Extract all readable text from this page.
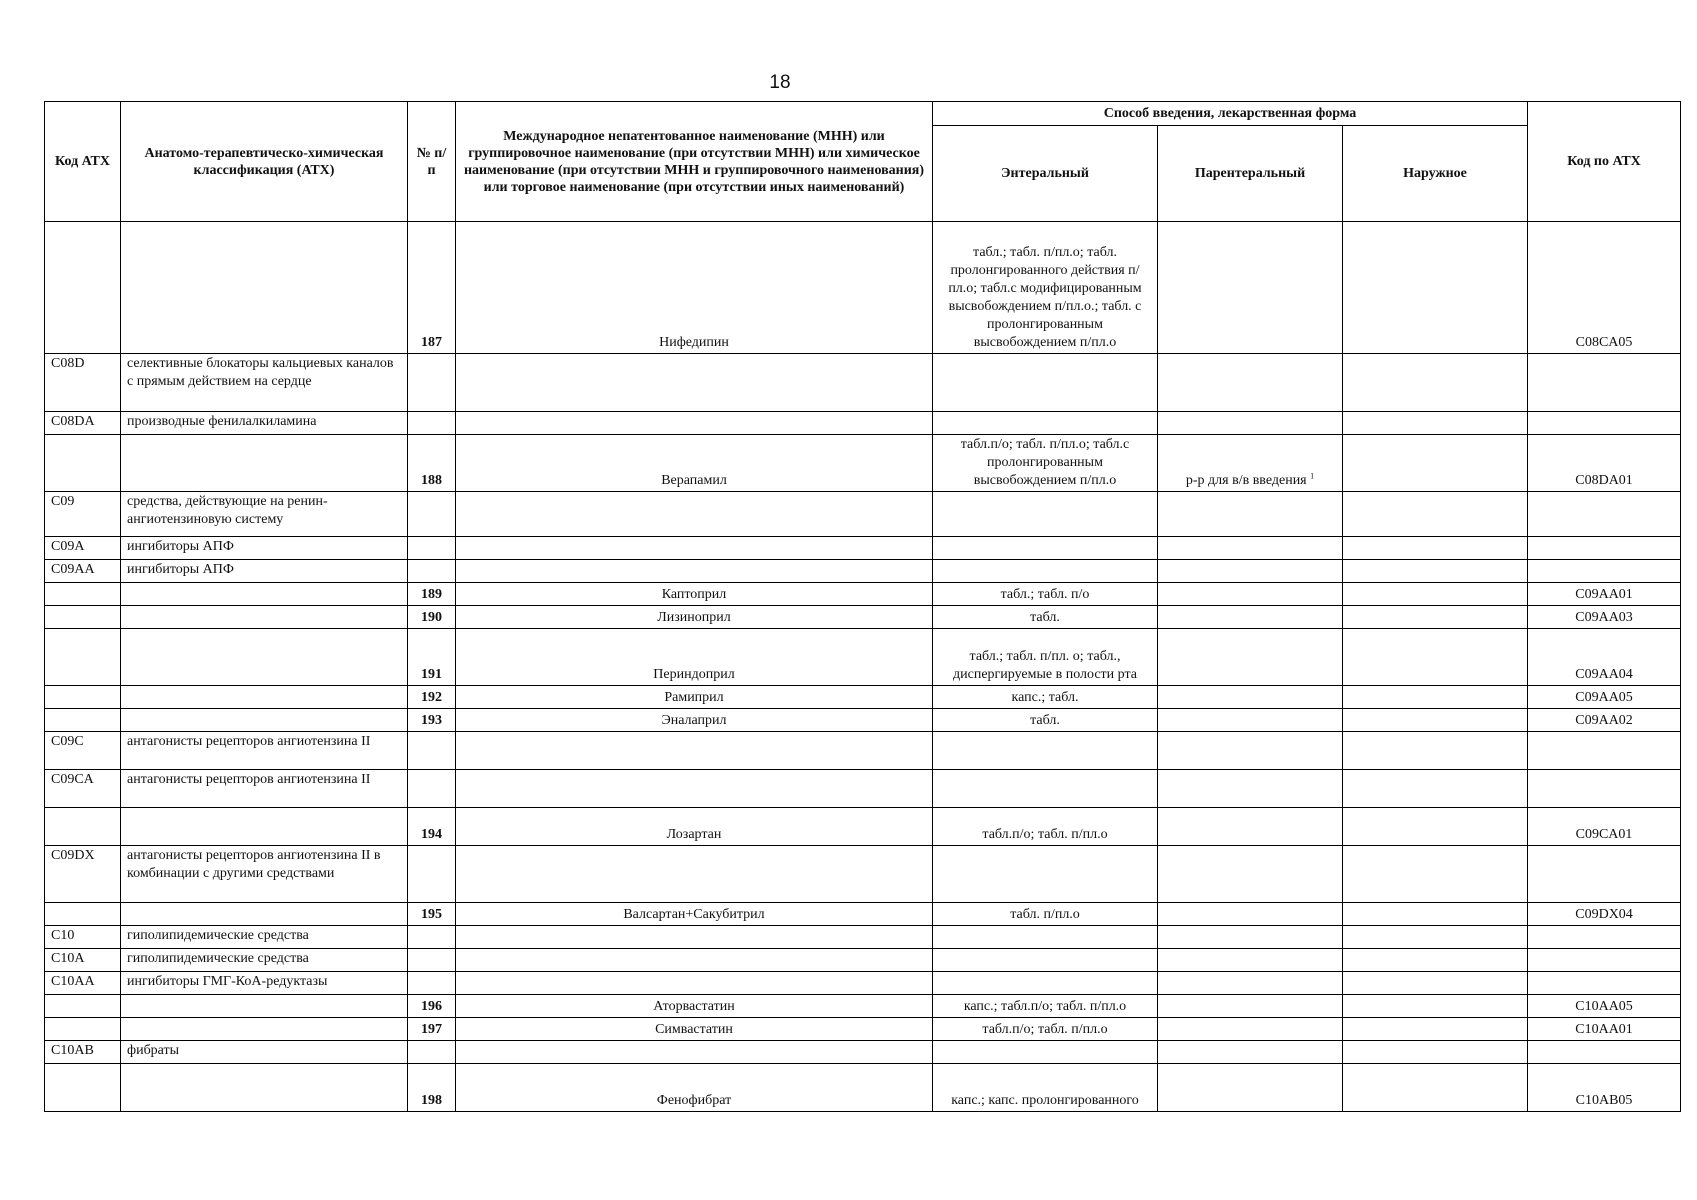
18
Код АТХ	Анатомо-терапевтическо-химическая классификация (АТХ)	№ п/п	Международное непатентованное наименование (МНН) или группировочное наименование (при отсутствии МНН) или химическое наименование (при отсутствии МНН и группировочного наименования) или торговое наименование (при отсутствии иных наименований)	Способ введения, лекарственная форма			Код по АТХ
				Энтеральный	Парентеральный	Наружное	
		187	Нифедипин	табл.; табл. п/пл.о; табл. пролонгированного действия п/пл.о; табл.с модифицированным высвобождением п/пл.о.; табл. с пролонгированным высвобождением п/пл.о			C08CA05
C08D	селективные блокаторы кальциевых каналов с прямым действием на сердце						
C08DA	производные фенилалкиламина						
		188	Верапамил	табл.п/о; табл. п/пл.о; табл.с пролонгированным высвобождением п/пл.о	р-р для в/в введения $^1$		C08DA01
C09	средства, действующие на ренин-ангиотензиновую систему						
C09A	ингибиторы АПФ						
C09AA	ингибиторы АПФ						
		189	Каптоприл	табл.; табл. п/о			C09AA01
		190	Лизиноприл	табл.			C09AA03
		191	Периндоприл	табл.; табл. п/пл. о; табл., диспергируемые в полости рта			C09AA04
		192	Рамиприл	капс.; табл.			C09AA05
		193	Эналаприл	табл.			C09AA02
C09C	антагонисты рецепторов ангиотензина II						
C09CA	антагонисты рецепторов ангиотензина II						
		194	Лозартан	табл.п/о; табл. п/пл.о			C09CA01
C09DX	антагонисты рецепторов ангиотензина II в комбинации с другими средствами						
		195	Валсартан+Сакубитрил	табл. п/пл.о			C09DX04
C10	гиполипидемические средства						
C10A	гиполипидемические средства						
C10AA	ингибиторы ГМГ-КоА-редуктазы						
		196	Аторвастатин	капс.; табл.п/о; табл. п/пл.о			C10AA05
		197	Симвастатин	табл.п/о; табл. п/пл.о			C10AA01
C10AB	фибраты						
		198	Фенофибрат	капс.; капс. пролонгированного			C10AB05
